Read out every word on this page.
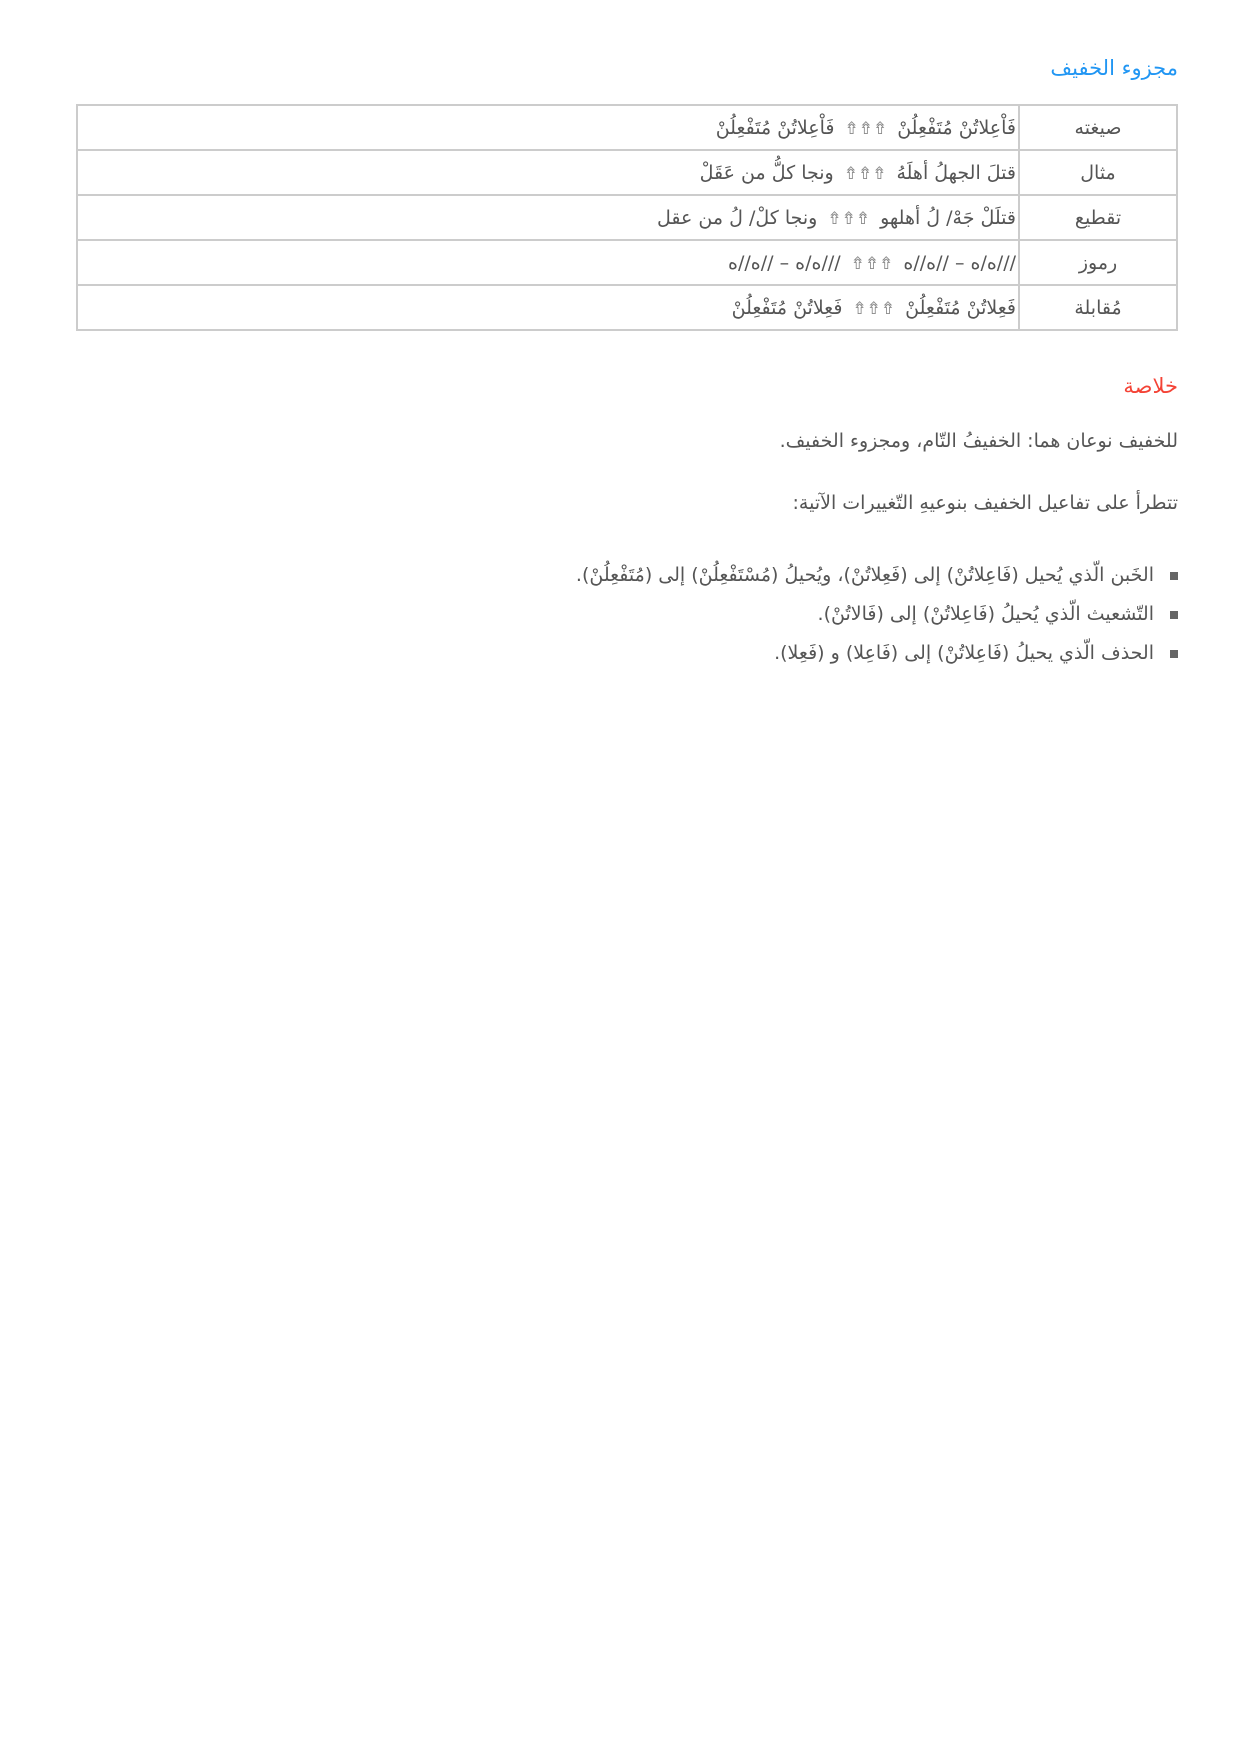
مجزوء الخفيف
صيغته	فَاْعِلاتُنْ مُتَفْعِلُنْ⇮⇮⇮فَاْعِلاتُنْ مُتَفْعِلُنْ
مثال	قتلَ الجهلُ أهلَهُ⇮⇮⇮ونجا كلُّ من عَقَلْ
تقطيع	قتلَلْ جَهْ/ لُ أهلهو⇮⇮⇮ونجا كلْ/ لُ من عقل
رموز	///ه/ه – //ه//ه⇮⇮⇮///ه/ه – //ه//ه
مُقابلة	فَعِلاتُنْ مُتَفْعِلُنْ⇮⇮⇮فَعِلاتُنْ مُتَفْعِلُنْ
خلاصة
للخفيف نوعان هما: الخفيفُ التّام، ومجزوء الخفيف.
تتطرأ على تفاعيل الخفيف بنوعيهِ التّغييرات الآتية:
الخَبن الّذي يُحيل (فَاعِلاتُنْ) إلى (فَعِلاتُنْ)، ويُحيلُ (مُسْتَفْعِلُنْ) إلى (مُتَفْعِلُنْ).
التّشعيث الّذي يُحيلُ (فَاعِلاتُنْ) إلى (فَالاتُنْ).
الحذف الّذي يحيلُ (فَاعِلاتُنْ) إلى (فَاعِلا) و (فَعِلا).
